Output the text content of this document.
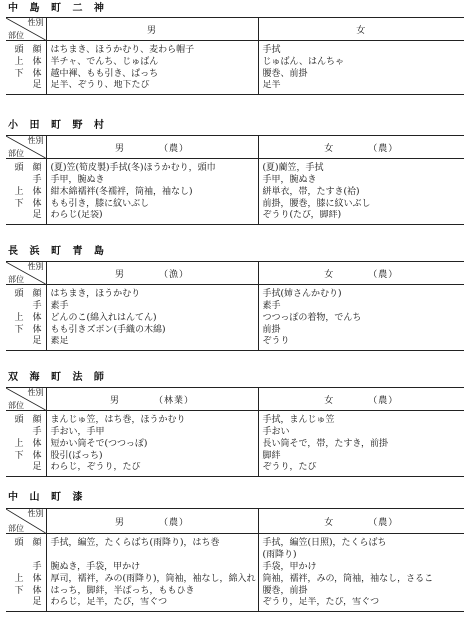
中 島 町 二 神
性別
部位	男	女
頭　顔	はちまき、ほうかむり、麦わら帽子	手拭
上　体	半チャ、でんち、じゅばん	じゅばん、はんちゃ
下　体	越中褌、もも引き、ぱっち	腰巻、前掛
足	足半、ぞうり、地下たび	足半
小 田 町 野 村
性別
部位	男 （農）	女 （農）
頭　顔	(夏)笠(筍皮製)手拭(冬)ほうかむり，頭巾	(夏)藺笠，手拭
手	手甲，腕ぬき	手甲，腕ぬき
上　体	紺木綿襦袢(冬襦袢，筒袖，袖なし)	絣単衣，帯，たすき(袷)
下　体	もも引き，膝に紋いぶし	前掛，腰巻，膝に紋いぶし
足	わらじ(足袋)	ぞうり(たび，脚絆)
長 浜 町 青 島
性別
部位	男 （漁）	女 （農）
頭　顔	はちまき，ほうかむり	手拭(姉さんかむり)
手	素手	素手
上　体	どんのこ(綿入れはんてん)	つつっぽの着物，でんち
下　体	もも引きズボン(手織の木綿)	前掛
足	素足	ぞうり
双 海 町 法 師
性別
部位	男 （林業）	女 （農）
頭　顔	まんじゅ笠，はち巻，ほうかむり	手拭，まんじゅ笠
手	手おい，手甲	手おい
上　体	短かい筒そで(つつっぽ)	長い筒そで，帯，たすき，前掛
下　体	股引(ぱっち)	脚絆
足	わらじ，ぞうり，たび	ぞうり，たび
中 山 町 漆
性別
部位	男 （農）	女 （農）
頭　顔	手拭，編笠，たくらばち(雨降り)，はち巻	手拭，編笠(日照)，たくらばち
		(雨降り)
手	腕ぬき，手袋，甲かけ	手袋，甲かけ
上　体	厚司，襦袢，みの(雨降り)，筒袖，袖なし，綿入れ	筒袖，襦袢，みの，筒袖，袖なし，さるこ
下　体	はっち，脚絆，半ぱっち，ももひき	腰巻，前掛
足	わらじ，足半，たび，雪ぐつ	ぞうり，足半，たび，雪ぐつ
